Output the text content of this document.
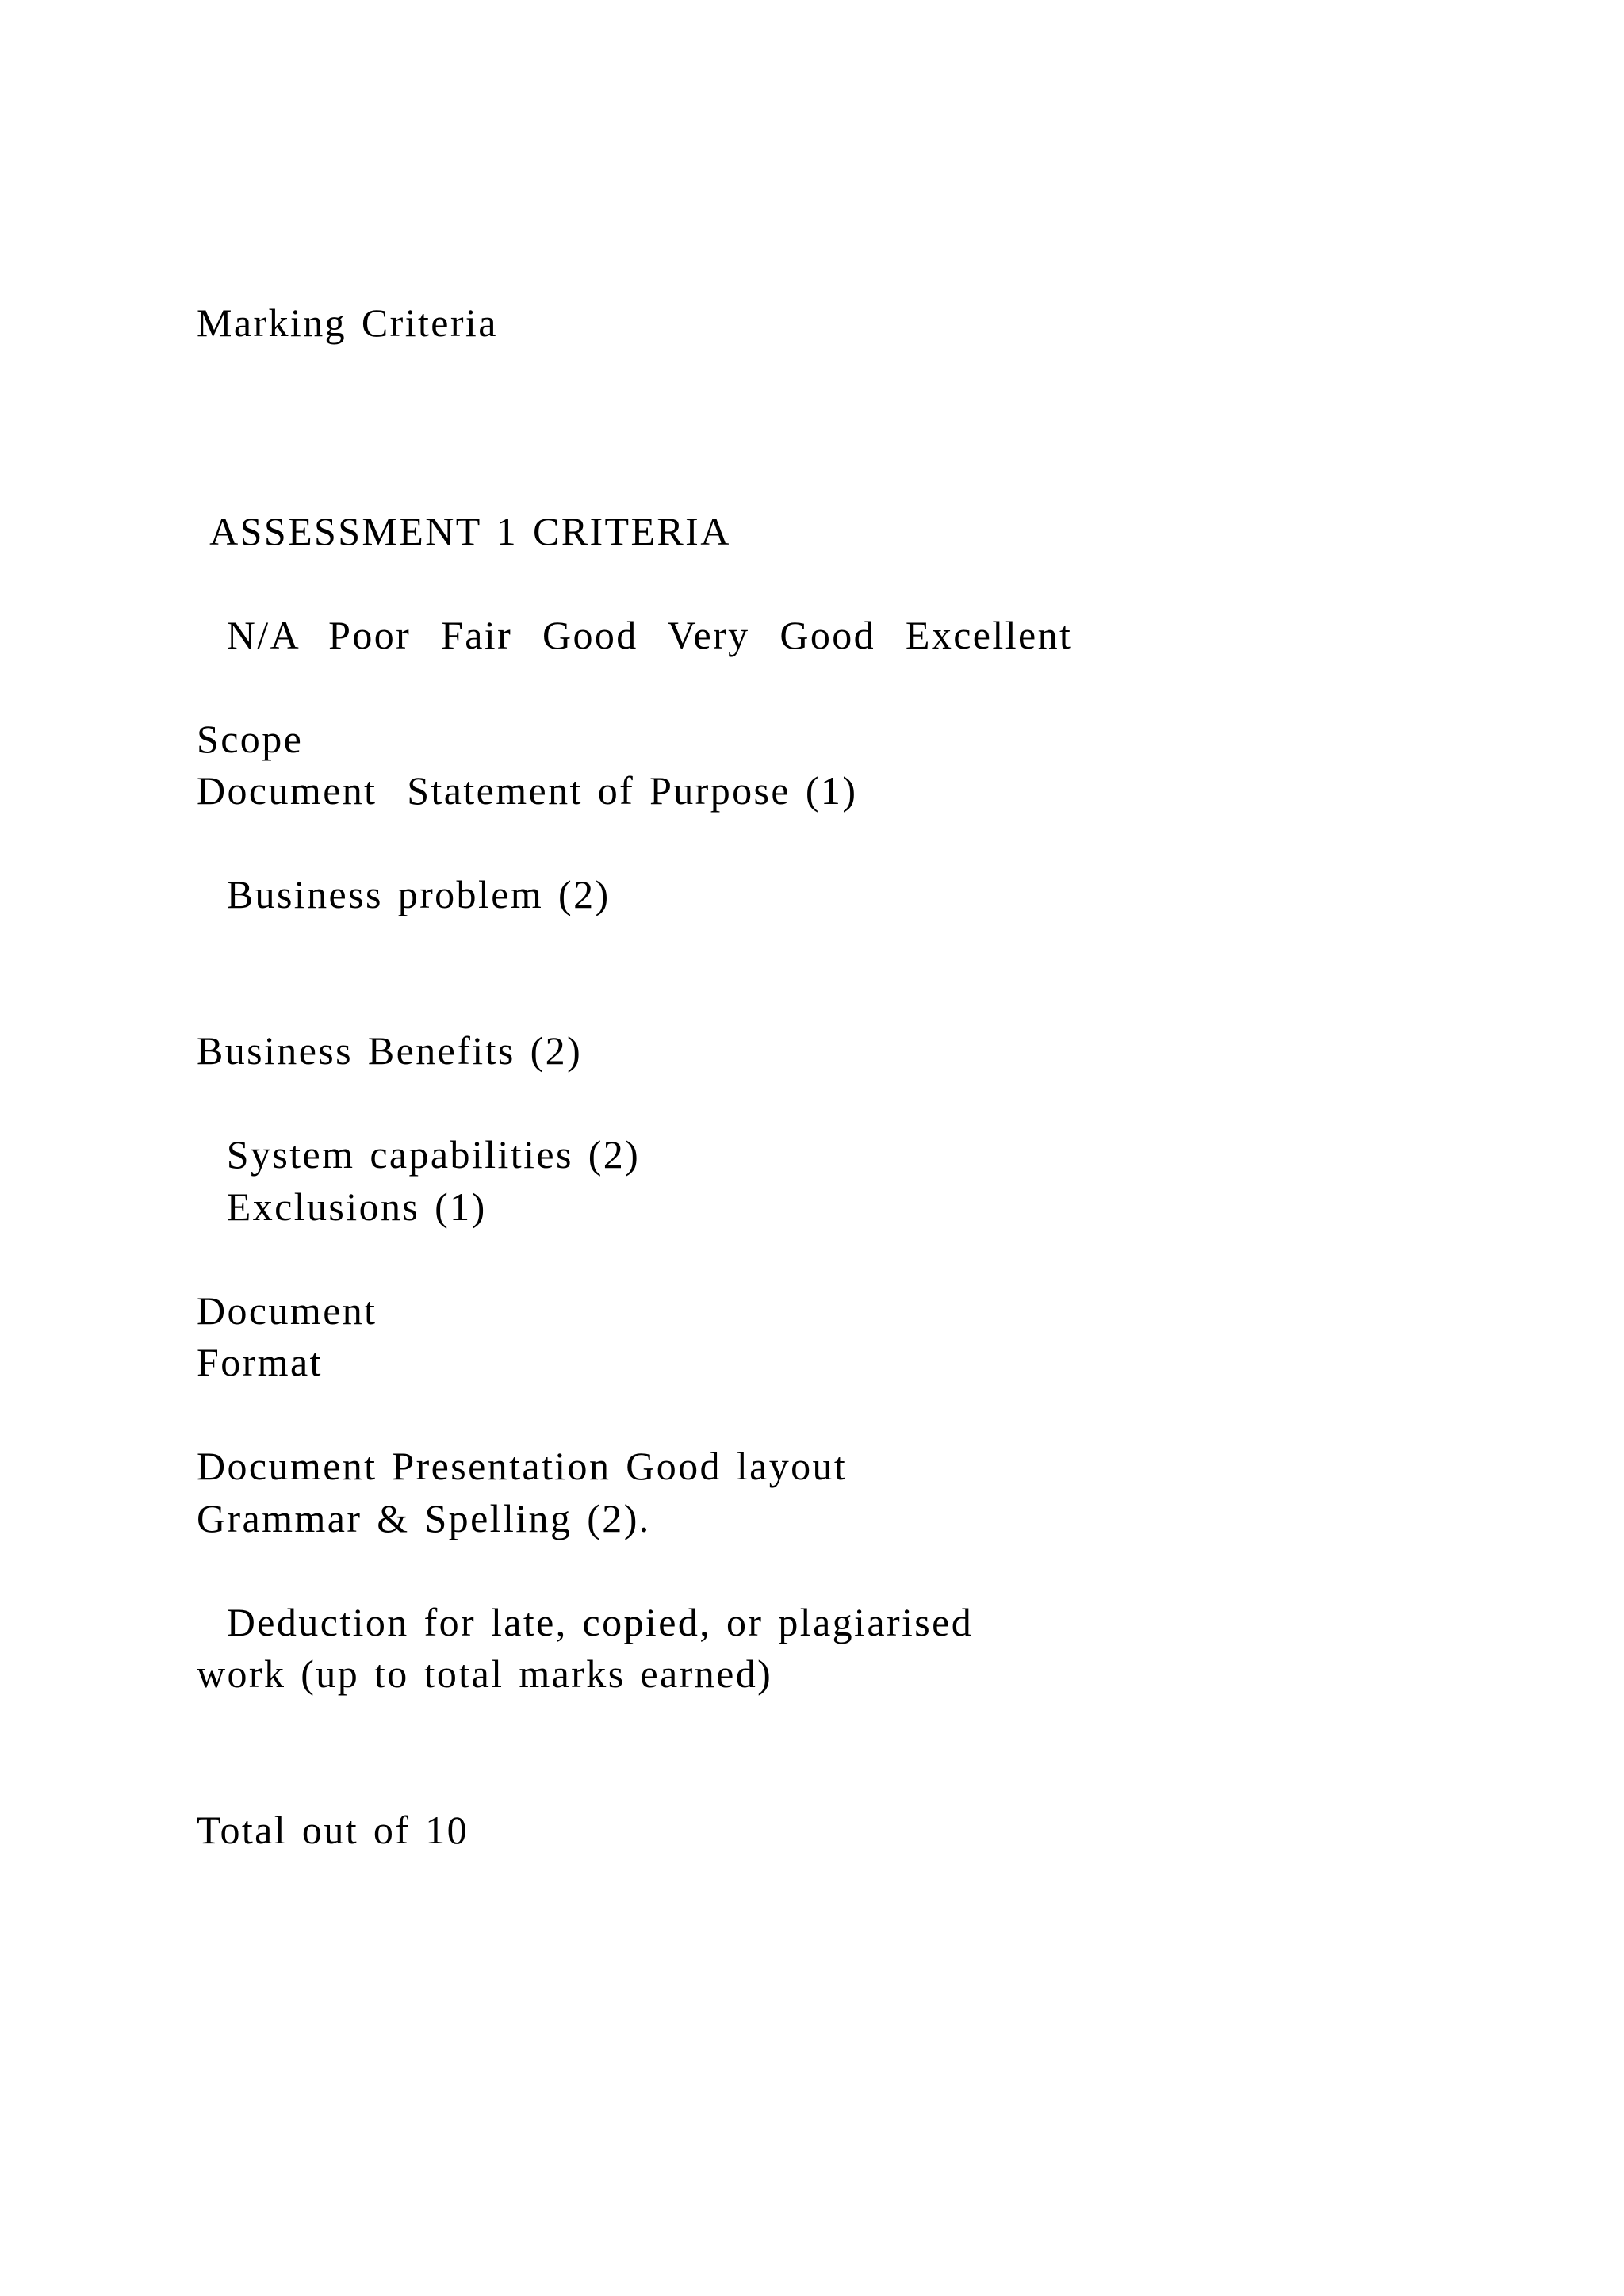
Marking Criteria
ASSESSMENT 1 CRITERIA
N/A  Poor  Fair  Good  Very  Good  Excellent
Scope
Document  Statement of Purpose (1)
Business problem (2)
Business Benefits (2)
System capabilities (2)
Exclusions (1)
Document
Format
Document Presentation Good layout
Grammar & Spelling (2).
Deduction for late, copied, or plagiarised
work (up to total marks earned)
Total out of 10
